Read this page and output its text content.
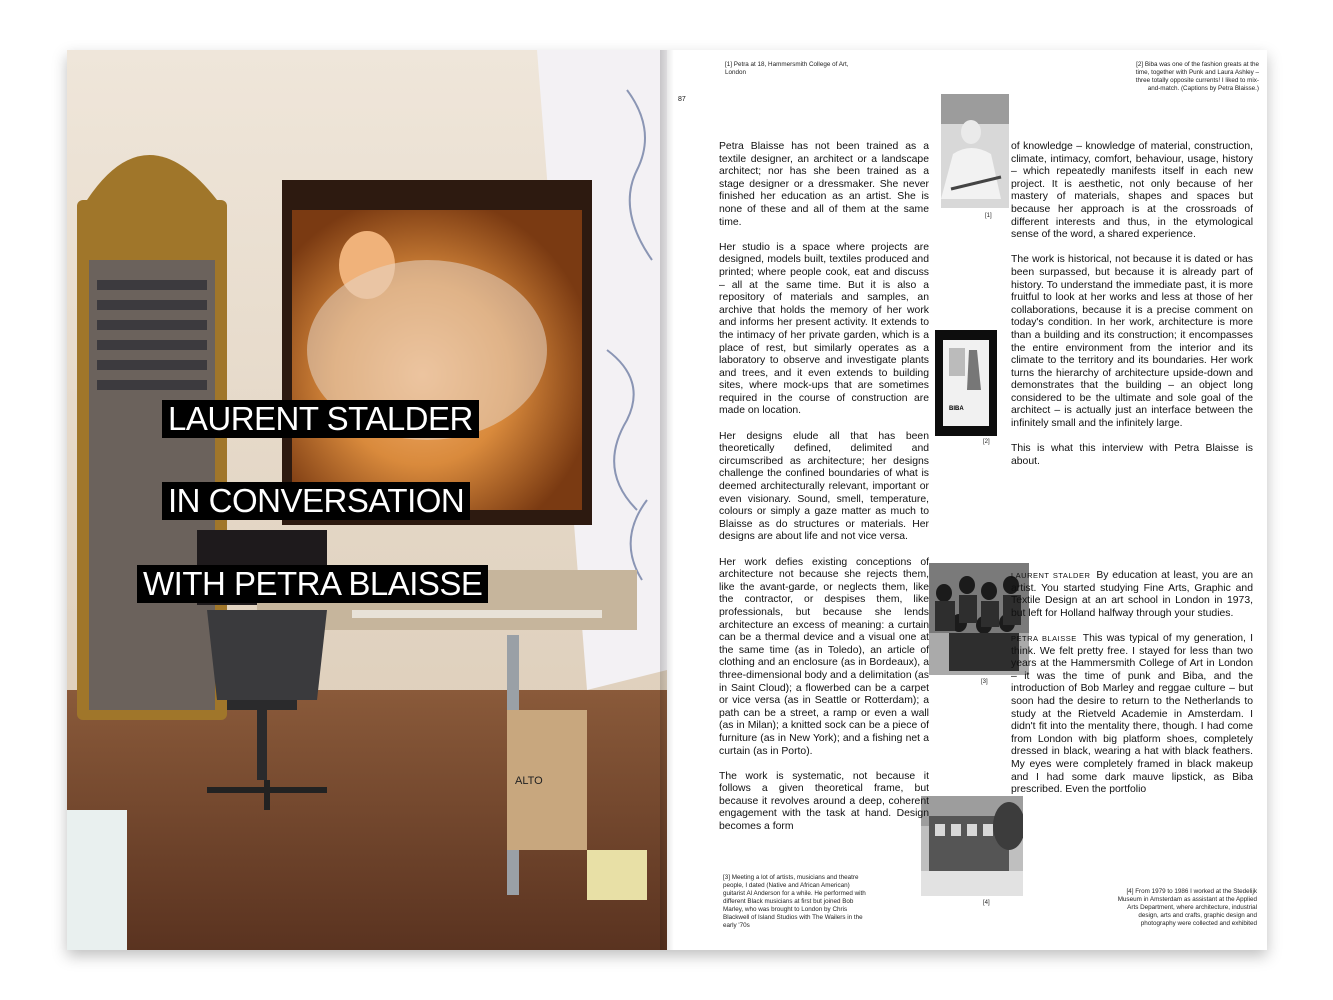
LAURENT STALDER
IN CONVERSATION
WITH PETRA BLAISSE
ALTO
[1] Petra at 18, Hammersmith College of Art, London
[2] Biba was one of the fashion greats at the time, together with Punk and Laura Ashley – three totally opposite currents! I liked to mix-and-match. (Captions by Petra Blaisse.)
87
[1]
BIBA
[2]
[3]
[4]

Petra Blaisse has not been trained as a textile designer, an architect or a landscape architect; nor has she been trained as a stage designer or a dressmaker. She never finished her education as an artist. She is none of these and all of them at the same time.

Her studio is a space where projects are designed, models built, textiles produced and printed; where people cook, eat and discuss – all at the same time. But it is also a repository of materials and samples, an archive that holds the memory of her work and informs her present activity. It extends to the intimacy of her private garden, which is a place of rest, but similarly operates as a laboratory to observe and investigate plants and trees, and it even extends to building sites, where mock-ups that are sometimes required in the course of construction are made on location.

Her designs elude all that has been theoretically defined, delimited and circumscribed as architecture; her designs challenge the confined boundaries of what is deemed architecturally relevant, important or even visionary. Sound, smell, temperature, colours or simply a gaze matter as much to Blaisse as do structures or materials. Her designs are about life and not vice versa.

Her work defies existing conceptions of architecture not because she rejects them, like the avant-garde, or neglects them, like the contractor, or despises them, like professionals, but because she lends architecture an excess of meaning: a curtain can be a thermal device and a visual one at the same time (as in Toledo), an article of clothing and an enclosure (as in Bordeaux), a three-dimensional body and a delimitation (as in Saint Cloud); a flowerbed can be a carpet or vice versa (as in Seattle or Rotterdam); a path can be a street, a ramp or even a wall (as in Milan); a knitted sock can be a piece of furniture (as in New York); and a fishing net a curtain (as in Porto).

The work is systematic, not because it follows a given theoretical frame, but because it revolves around a deep, coherent engagement with the task at hand. Design becomes a form

of knowledge – knowledge of material, construction, climate, intimacy, comfort, behaviour, usage, history – which repeatedly manifests itself in each new project. It is aesthetic, not only because of her mastery of materials, shapes and spaces but because her approach is at the crossroads of different interests and thus, in the etymological sense of the word, a shared experience.

The work is historical, not because it is dated or has been surpassed, but because it is already part of history. To understand the immediate past, it is more fruitful to look at her works and less at those of her collaborations, because it is a precise comment on today's condition. In her work, architecture is more than a building and its construction; it encompasses the entire environment from the interior and its climate to the territory and its boundaries. Her work turns the hierarchy of architecture upside-down and demonstrates that the building – an object long considered to be the ultimate and sole goal of the architect – is actually just an interface between the infinitely small and the infinitely large.

This is what this interview with Petra Blaisse is about.

LAURENT STALDER By education at least, you are an artist. You started studying Fine Arts, Graphic and Textile Design at an art school in London in 1973, but left for Holland halfway through your studies.

PETRA BLAISSE This was typical of my generation, I think. We felt pretty free. I stayed for less than two years at the Hammersmith College of Art in London – it was the time of punk and Biba, and the introduction of Bob Marley and reggae culture – but soon had the desire to return to the Netherlands to study at the Rietveld Academie in Amsterdam. I didn't fit into the mentality there, though. I had come from London with big platform shoes, completely dressed in black, wearing a hat with black feathers. My eyes were completely framed in black makeup and I had some dark mauve lipstick, as Biba prescribed. Even the portfolio

[3] Meeting a lot of artists, musicians and theatre people, I dated (Native and African American) guitarist Al Anderson for a while. He performed with different Black musicians at first but joined Bob Marley, who was brought to London by Chris Blackwell of Island Studios with The Wailers in the early '70s
[4] From 1979 to 1986 I worked at the Stedelijk Museum in Amsterdam as assistant at the Applied Arts Department, where architecture, industrial design, arts and crafts, graphic design and photography were collected and exhibited
